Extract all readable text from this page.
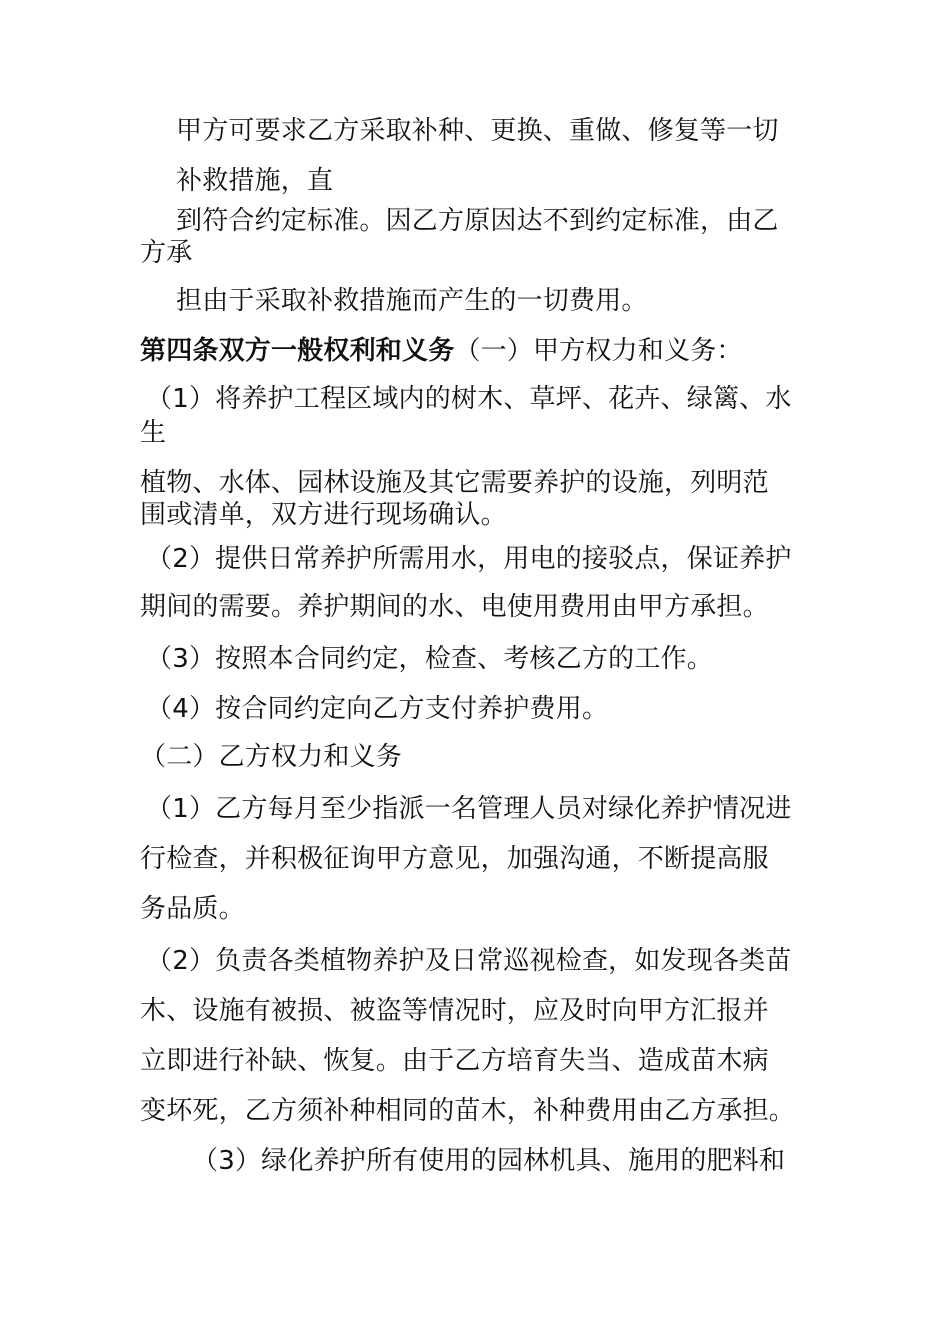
甲方可要求乙方采取补种、更换、重做、修复等一切
补救措施，直
到符合约定标准。因乙方原因达不到约定标准，由乙
方承
担由于采取补救措施而产生的一切费用。
第四条双方一般权利和义务（一）甲方权力和义务：
（1）将养护工程区域内的树木、草坪、花卉、绿篱、水
生
植物、水体、园林设施及其它需要养护的设施，列明范
围或清单，双方进行现场确认。
（2）提供日常养护所需用水，用电的接驳点，保证养护
期间的需要。养护期间的水、电使用费用由甲方承担。
（3）按照本合同约定，检查、考核乙方的工作。
（4）按合同约定向乙方支付养护费用。
（二）乙方权力和义务
（1）乙方每月至少指派一名管理人员对绿化养护情况进
行检查，并积极征询甲方意见，加强沟通，不断提高服
务品质。
（2）负责各类植物养护及日常巡视检查，如发现各类苗
木、设施有被损、被盗等情况时，应及时向甲方汇报并
立即进行补缺、恢复。由于乙方培育失当、造成苗木病
变坏死，乙方须补种相同的苗木，补种费用由乙方承担。
（3）绿化养护所有使用的园林机具、施用的肥料和
